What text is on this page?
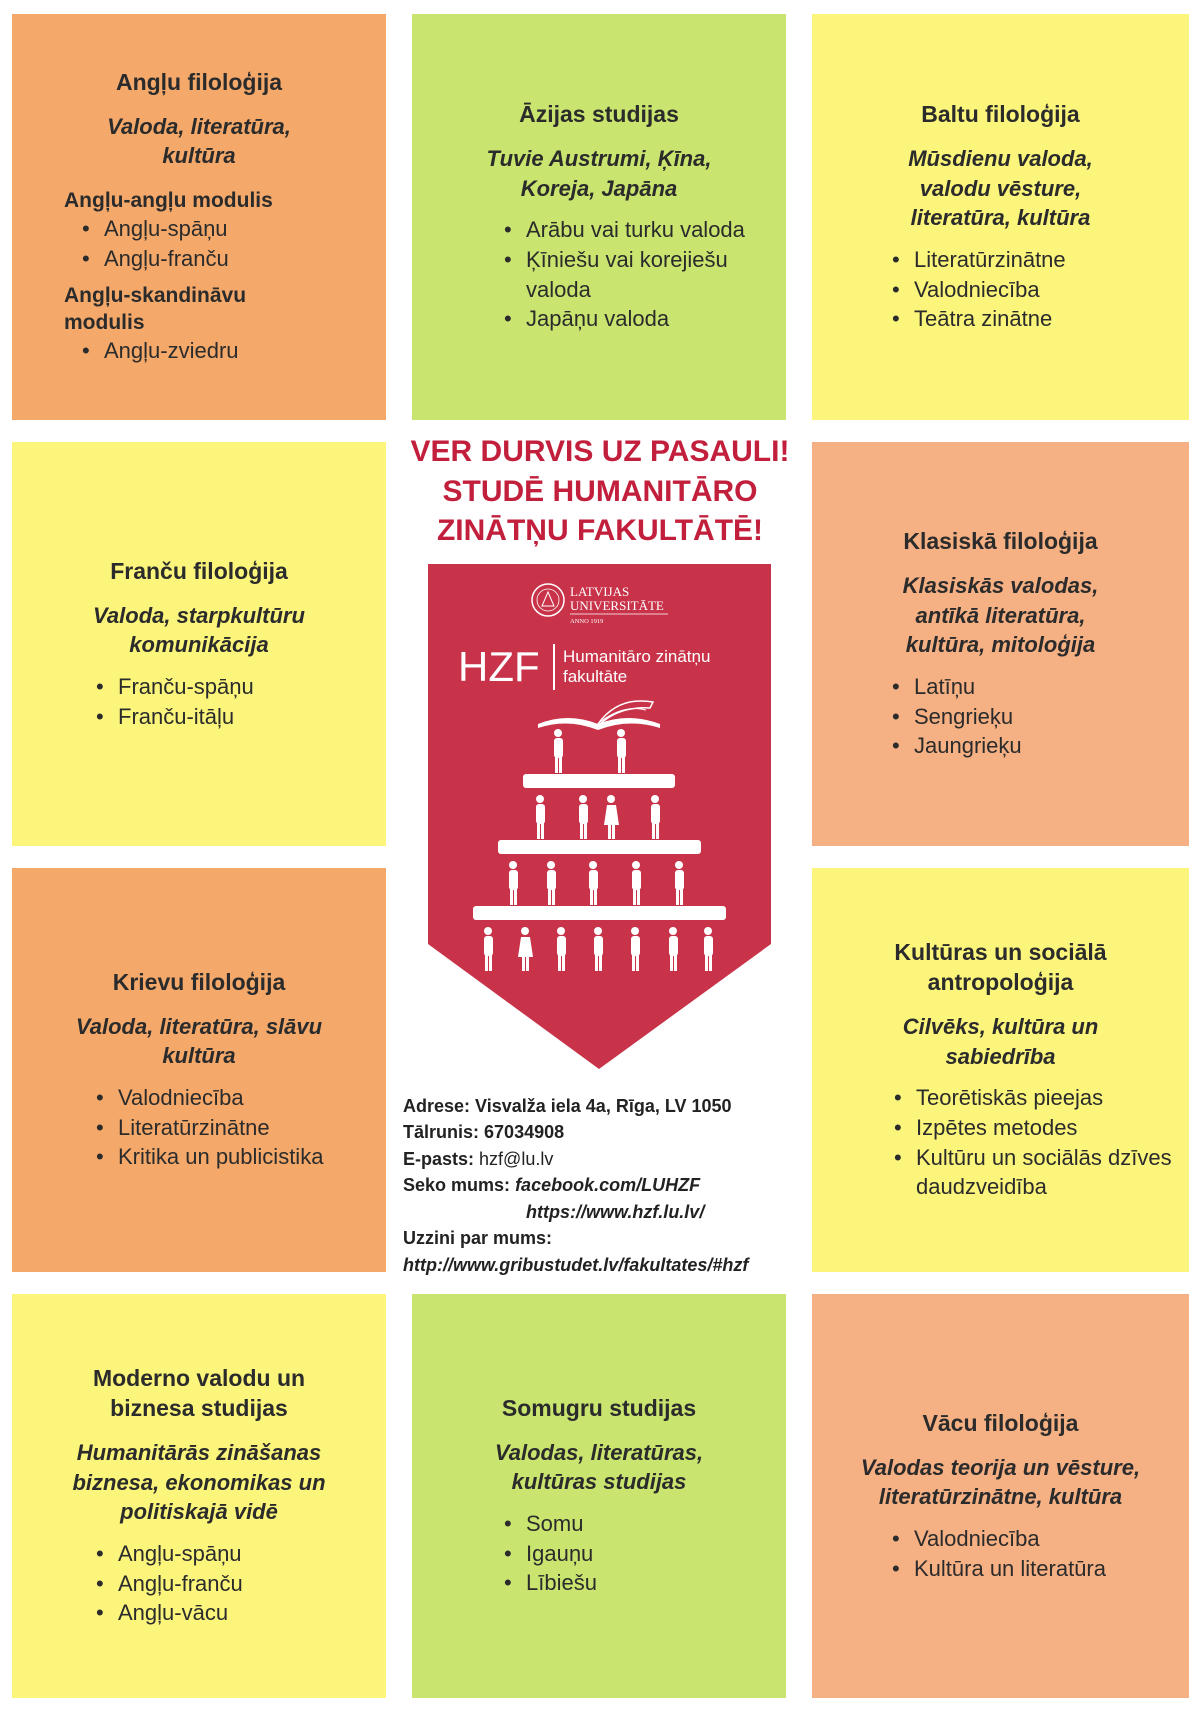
Angļu filoloģija
Valoda, literatūra, kultūra
Angļu-angļu modulis
• Angļu-spāņu
• Angļu-franču
Angļu-skandināvu modulis
• Angļu-zviedru
Āzijas studijas
Tuvie Austrumi, Ķīna, Koreja, Japāna
• Arābu vai turku valoda
• Ķīniešu vai korejiešu valoda
• Japāņu valoda
Baltu filoloģija
Mūsdienu valoda, valodu vēsture, literatūra, kultūra
• Literatūrzinātne
• Valodniecība
• Teātra zinātne
Franču filoloģija
Valoda, starpkultūru komunikācija
• Franču-spāņu
• Franču-itāļu
Klasiskā filoloģija
Klasiskās valodas, antīkā literatūra, kultūra, mitoloģija
• Latīņu
• Sengrieķu
• Jaungrieķu
Krievu filoloģija
Valoda, literatūra, slāvu kultūra
• Valodniecība
• Literatūrzinātne
• Kritika un publicistika
Kultūras un sociālā antropoloģija
Cilvēks, kultūra un sabiedrība
• Teorētiskās pieejas
• Izpētes metodes
• Kultūru un sociālās dzīves daudzveidība
Moderno valodu un biznesa studijas
Humanitārās zināšanas biznesa, ekonomikas un politiskajā vidē
• Angļu-spāņu
• Angļu-franču
• Angļu-vācu
Somugru studijas
Valodas, literatūras, kultūras studijas
• Somu
• Igauņu
• Lībiešu
Vācu filoloģija
Valodas teorija un vēsture, literatūrzinātne, kultūra
• Valodniecība
• Kultūra un literatūra
VER DURVIS UZ PASAULI!
STUDĒ HUMANITĀRO
ZINĀTŅU FAKULTĀTĒ!
LATVIJAS
UNIVERSITĀTE
ANNO 1919
HZF Humanitāro zinātņu
fakultāte
Adrese: Visvalža iela 4a, Rīga, LV 1050
Tālrunis: 67034908
E-pasts: hzf@lu.lv
Seko mums: facebook.com/LUHZF
https://www.hzf.lu.lv/
Uzzini par mums:
http://www.gribustudet.lv/fakultates/#hzf
